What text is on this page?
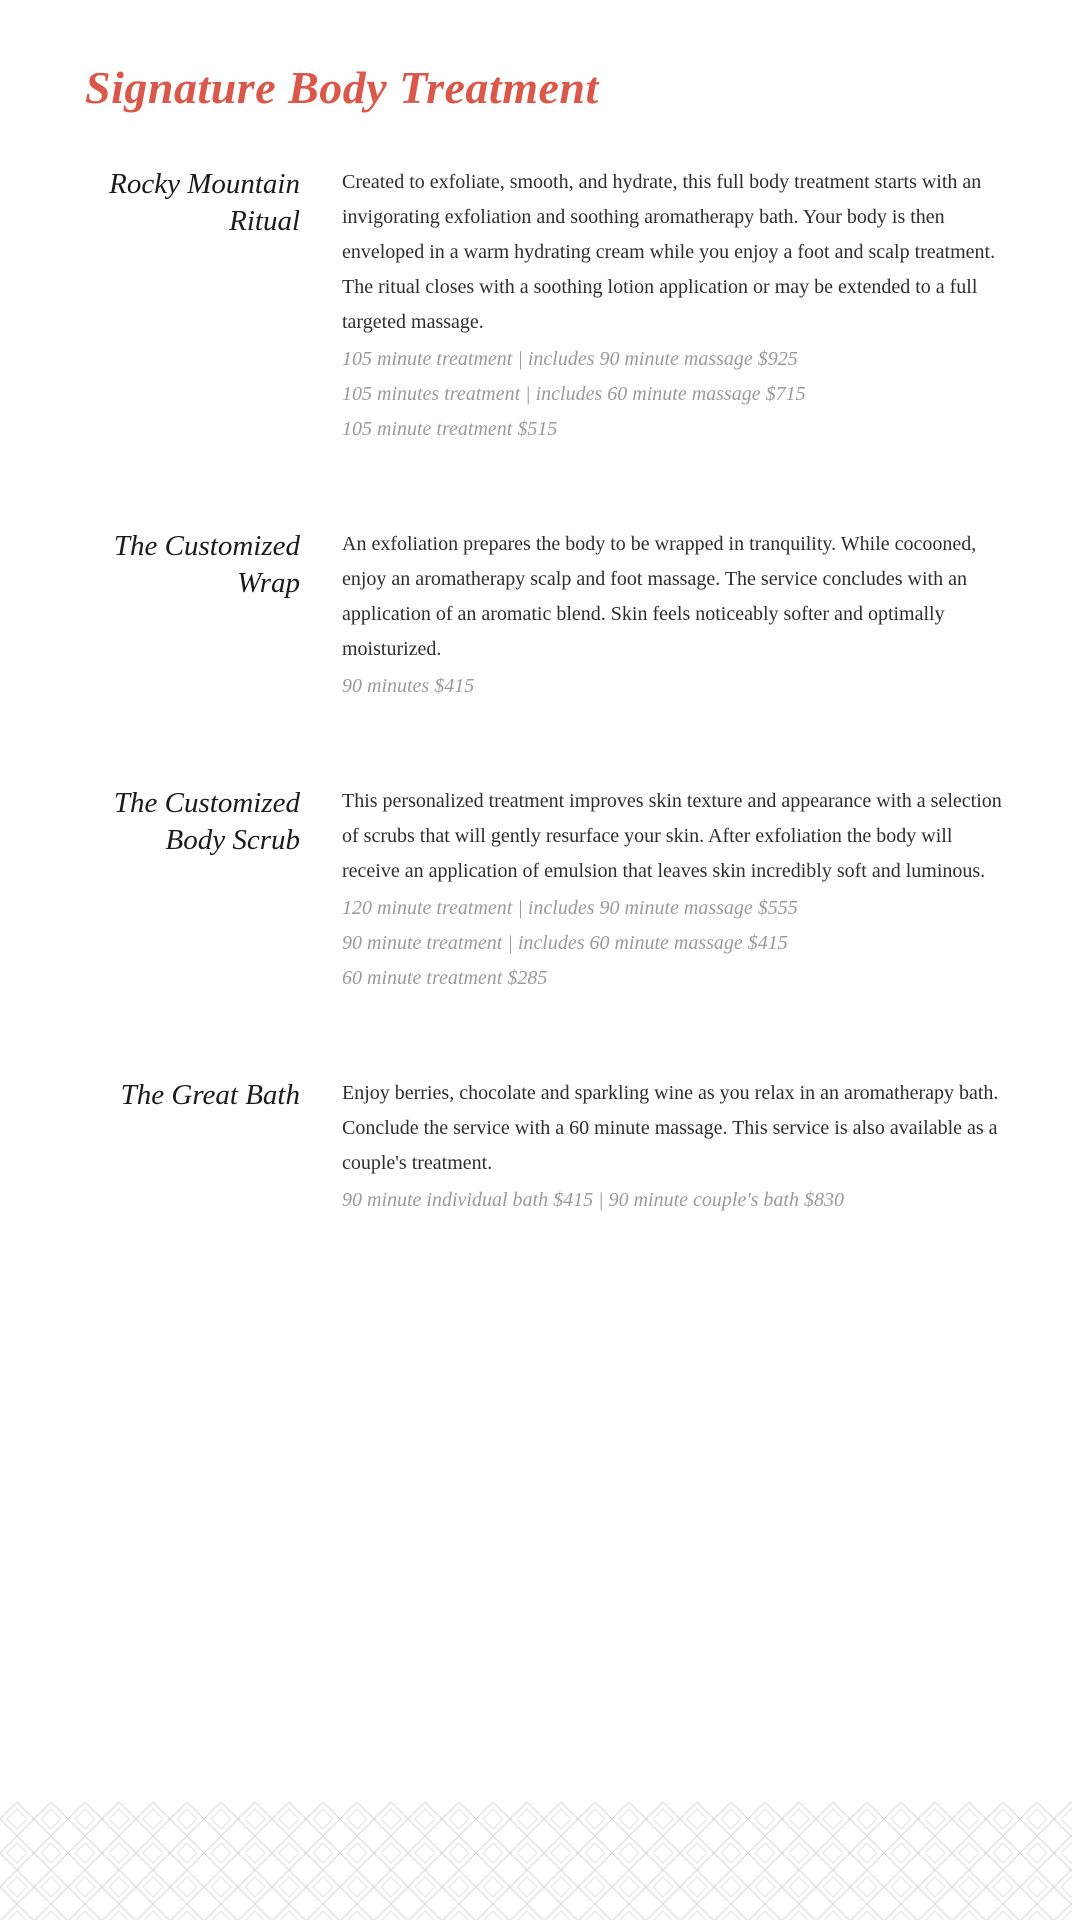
Signature Body Treatment
Rocky Mountain Ritual

Created to exfoliate, smooth, and hydrate, this full body treatment starts with an invigorating exfoliation and soothing aromatherapy bath. Your body is then enveloped in a warm hydrating cream while you enjoy a foot and scalp treatment. The ritual closes with a soothing lotion application or may be extended to a full targeted massage.

105 minute treatment | includes 90 minute massage $925

105 minutes treatment | includes 60 minute massage $715

105 minute treatment $515

The Customized Wrap

An exfoliation prepares the body to be wrapped in tranquility. While cocooned, enjoy an aromatherapy scalp and foot massage. The service concludes with an application of an aromatic blend. Skin feels noticeably softer and optimally moisturized.

90 minutes $415

The Customized Body Scrub

This personalized treatment improves skin texture and appearance with a selection of scrubs that will gently resurface your skin. After exfoliation the body will receive an application of emulsion that leaves skin incredibly soft and luminous.

120 minute treatment | includes 90 minute massage $555

90 minute treatment | includes 60 minute massage $415

60 minute treatment $285

The Great Bath Enjoy berries, chocolate and sparkling wine as you relax in an aromatherapy bath. Conclude the service with a 60 minute massage. This service is also available as a couple's treatment.

90 minute individual bath $415 | 90 minute couple's bath $830
